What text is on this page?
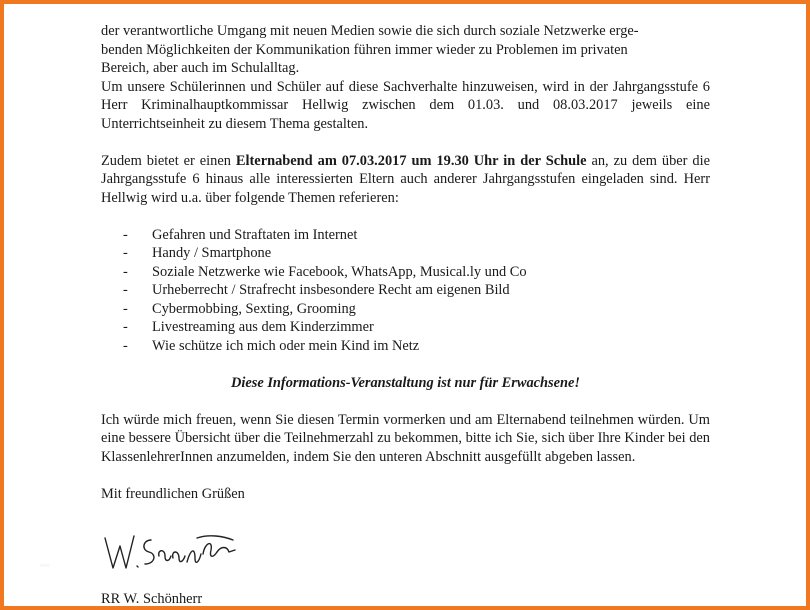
der verantwortliche Umgang mit neuen Medien sowie die sich durch soziale Netzwerke erge-
benden Möglichkeiten der Kommunikation führen immer wieder zu Problemen im privaten
Bereich, aber auch im Schulalltag.

Um unsere Schülerinnen und Schüler auf diese Sachverhalte hinzuweisen, wird in der Jahrgangsstufe 6 Herr Kriminalhauptkommissar Hellwig zwischen dem 01.03. und 08.03.2017 jeweils eine Unterrichtseinheit zu diesem Thema gestalten.

Zudem bietet er einen Elternabend am 07.03.2017 um 19.30 Uhr in der Schule an, zu dem über die Jahrgangsstufe 6 hinaus alle interessierten Eltern auch anderer Jahrgangsstufen eingeladen sind. Herr Hellwig wird u.a. über folgende Themen referieren:

- Gefahren und Straftaten im Internet
- Handy / Smartphone
- Soziale Netzwerke wie Facebook, WhatsApp, Musical.ly und Co
- Urheberrecht / Strafrecht insbesondere Recht am eigenen Bild
- Cybermobbing, Sexting, Grooming
- Livestreaming aus dem Kinderzimmer
- Wie schütze ich mich oder mein Kind im Netz

Diese Informations-Veranstaltung ist nur für Erwachsene!

Ich würde mich freuen, wenn Sie diesen Termin vormerken und am Elternabend teilnehmen würden. Um eine bessere Übersicht über die Teilnehmerzahl zu bekommen, bitte ich Sie, sich über Ihre Kinder bei den KlassenlehrerInnen anzumelden, indem Sie den unteren Abschnitt ausgefüllt abgeben lassen.

Mit freundlichen Grüßen

▫▫▫
RR W. Schönherr
